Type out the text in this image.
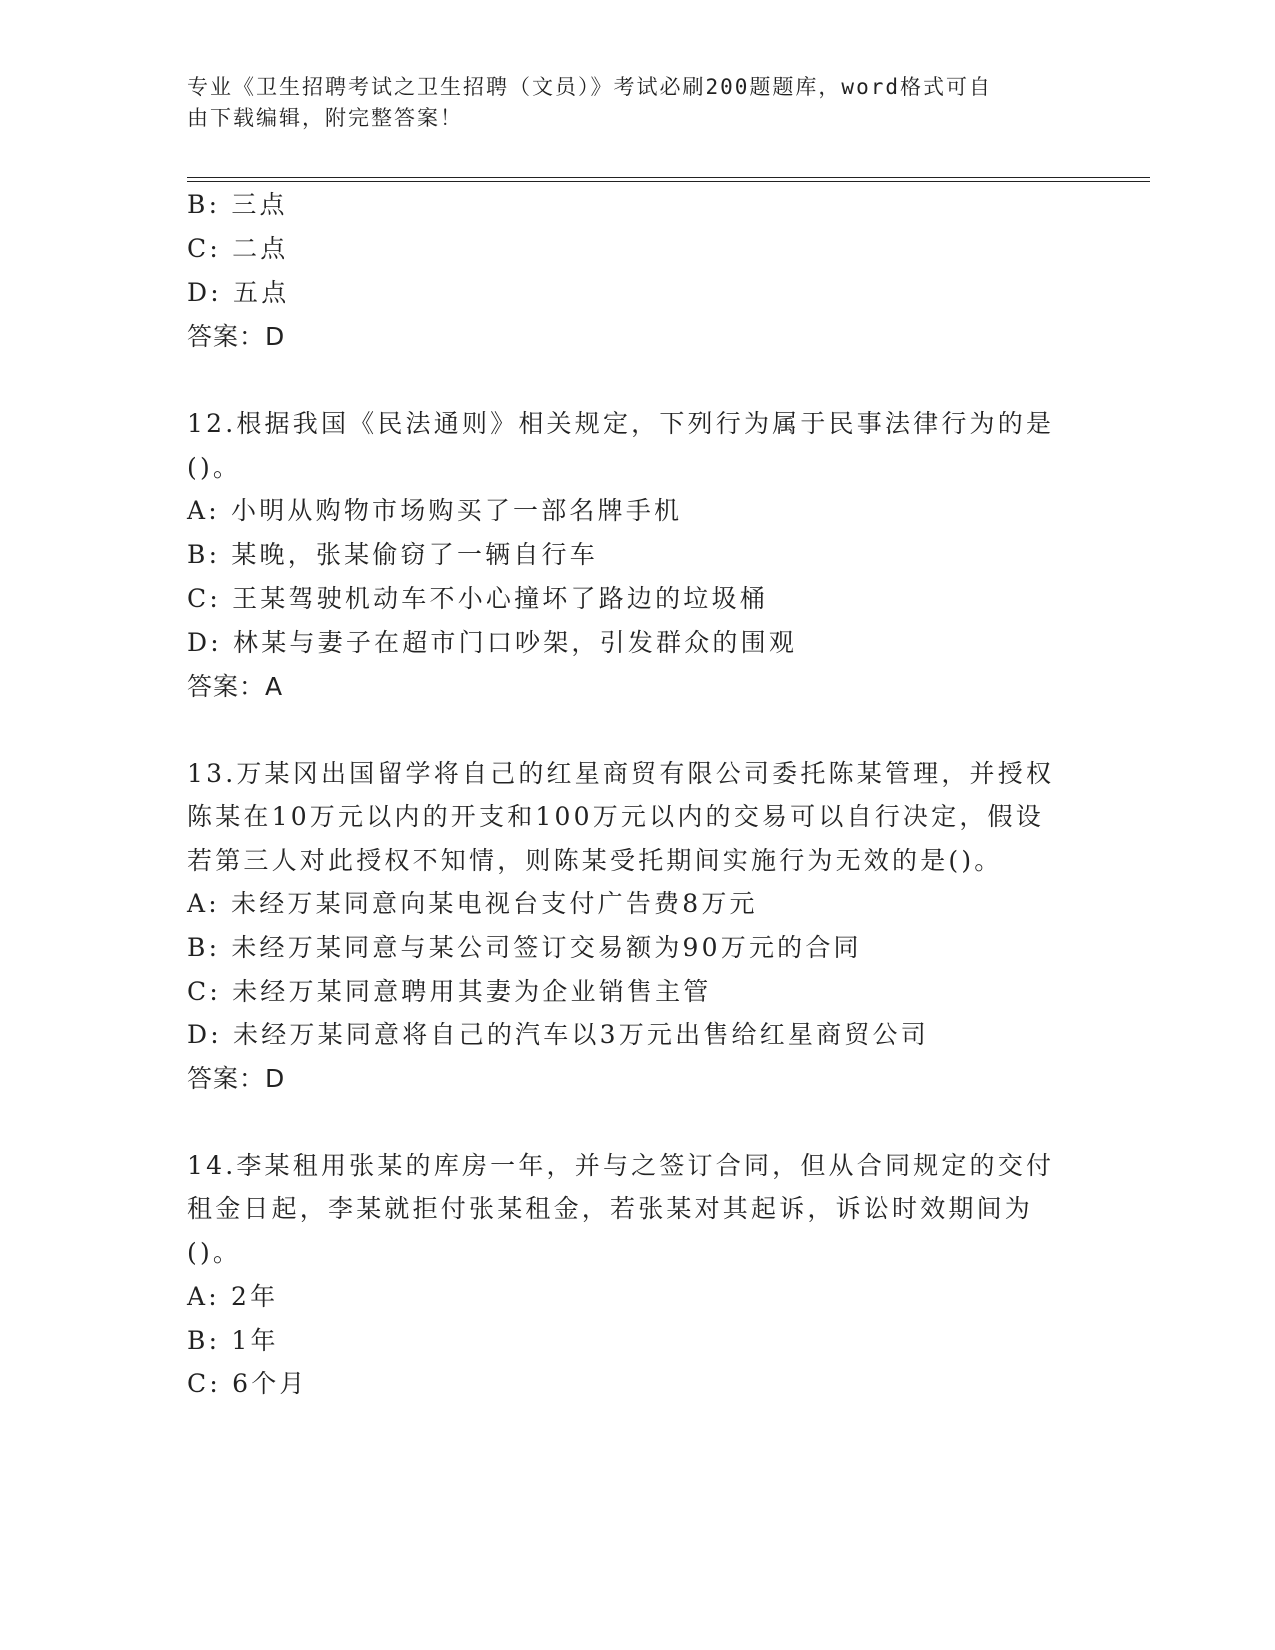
专业《卫生招聘考试之卫生招聘（文员）》考试必刷200题题库，word格式可自
由下载编辑，附完整答案！
B: 三点
C: 二点
D: 五点
答案：D
12.根据我国《民法通则》相关规定，下列行为属于民事法律行为的是
()。
A: 小明从购物市场购买了一部名牌手机
B: 某晚，张某偷窃了一辆自行车
C: 王某驾驶机动车不小心撞坏了路边的垃圾桶
D: 林某与妻子在超市门口吵架，引发群众的围观
答案：A
13.万某冈出国留学将自己的红星商贸有限公司委托陈某管理，并授权
陈某在10万元以内的开支和100万元以内的交易可以自行决定，假设
若第三人对此授权不知情，则陈某受托期间实施行为无效的是()。
A: 未经万某同意向某电视台支付广告费8万元
B: 未经万某同意与某公司签订交易额为90万元的合同
C: 未经万某同意聘用其妻为企业销售主管
D: 未经万某同意将自己的汽车以3万元出售给红星商贸公司
答案：D
14.李某租用张某的库房一年，并与之签订合同，但从合同规定的交付
租金日起，李某就拒付张某租金，若张某对其起诉，诉讼时效期间为
()。
A: 2年
B: 1年
C: 6个月
